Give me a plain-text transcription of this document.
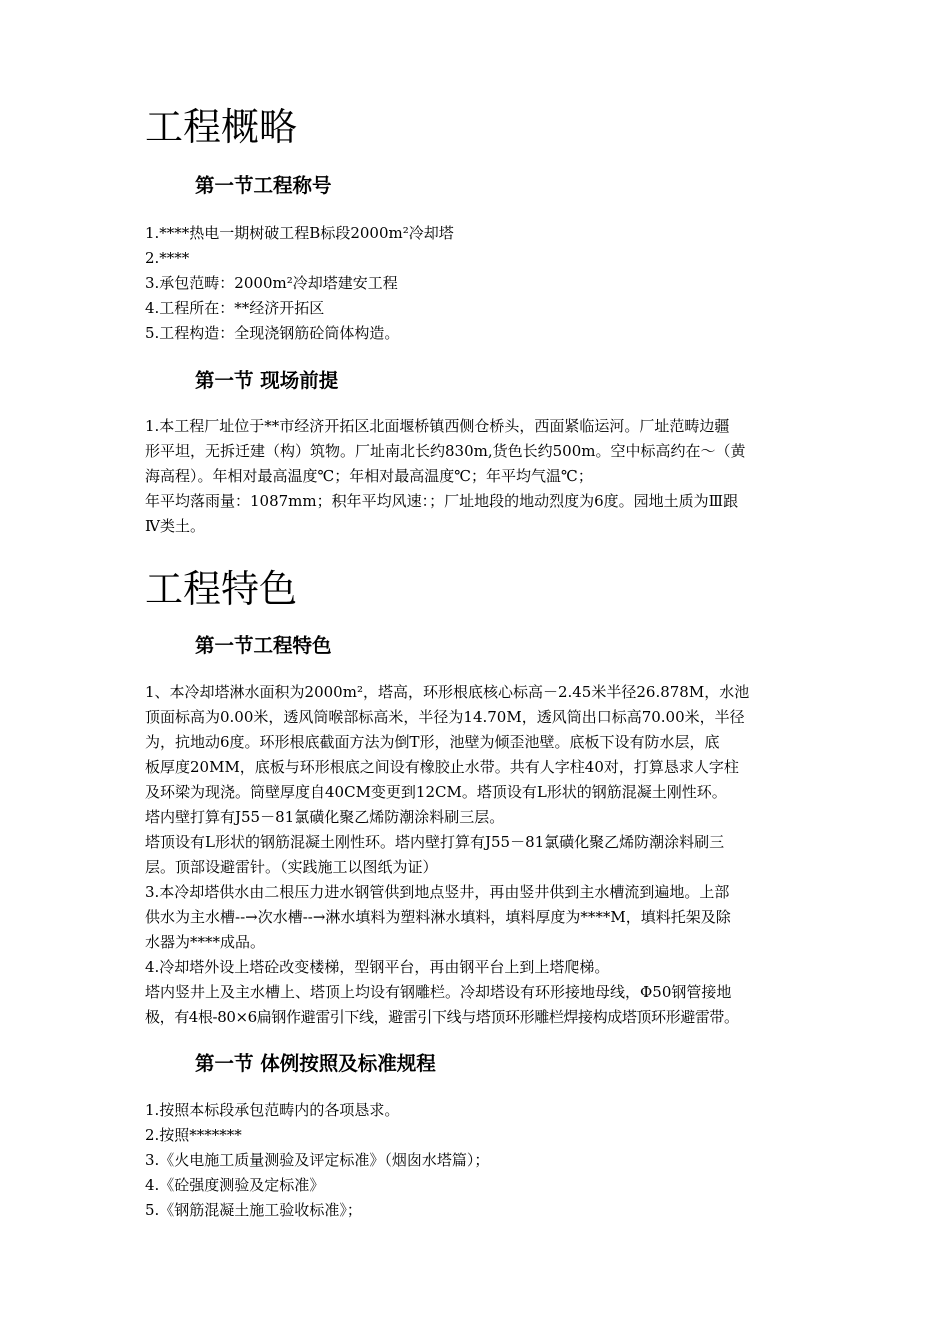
工程概略
第一节工程称号
1.****热电一期树破工程B标段2000m²冷却塔
2.****
3.承包范畴：2000m²冷却塔建安工程
4.工程所在：**经济开拓区
5.工程构造：全现浇钢筋砼筒体构造。
第一节 现场前提
1.本工程厂址位于**市经济开拓区北面堰桥镇西侧仓桥头，西面紧临运河。厂址范畴边疆
形平坦，无拆迁建（构）筑物。厂址南北长约830m,货色长约500m。空中标高约在～（黄
海高程）。年相对最高温度℃；年相对最高温度℃；年平均气温℃；
年平均落雨量：1087mm；积年平均风速：；厂址地段的地动烈度为6度。园地土质为Ⅲ跟
Ⅳ类土。
工程特色
第一节工程特色
1、本冷却塔淋水面积为2000m²，塔高，环形根底核心标高－2.45米半径26.878M，水池
顶面标高为0.00米，透风筒喉部标高米，半径为14.70M，透风筒出口标高70.00米，半径
为，抗地动6度。环形根底截面方法为倒T形，池壁为倾歪池壁。底板下设有防水层，底
板厚度20MM，底板与环形根底之间设有橡胶止水带。共有人字柱40对，打算恳求人字柱
及环梁为现浇。筒壁厚度自40CM变更到12CM。塔顶设有L形状的钢筋混凝土刚性环。
塔内壁打算有J55－81氯磺化聚乙烯防潮涂料刷三层。
塔顶设有L形状的钢筋混凝土刚性环。塔内壁打算有J55－81氯磺化聚乙烯防潮涂料刷三
层。顶部设避雷针。（实践施工以图纸为证）
3.本冷却塔供水由二根压力进水钢管供到地点竖井，再由竖井供到主水槽流到遍地。上部
供水为主水槽--→次水槽--→淋水填料为塑料淋水填料，填料厚度为****M，填料托架及除
水器为****成品。
4.冷却塔外设上塔砼改变楼梯，型钢平台，再由钢平台上到上塔爬梯。
塔内竖井上及主水槽上、塔顶上均设有钢雕栏。冷却塔设有环形接地母线，Φ50钢管接地
极，有4根-80×6扁钢作避雷引下线，避雷引下线与塔顶环形雕栏焊接构成塔顶环形避雷带。
第一节 体例按照及标准规程
1.按照本标段承包范畴内的各项恳求。
2.按照*******
3.《火电施工质量测验及评定标准》（烟囱水塔篇）；
4.《砼强度测验及定标准》
5.《钢筋混凝土施工验收标准》；
